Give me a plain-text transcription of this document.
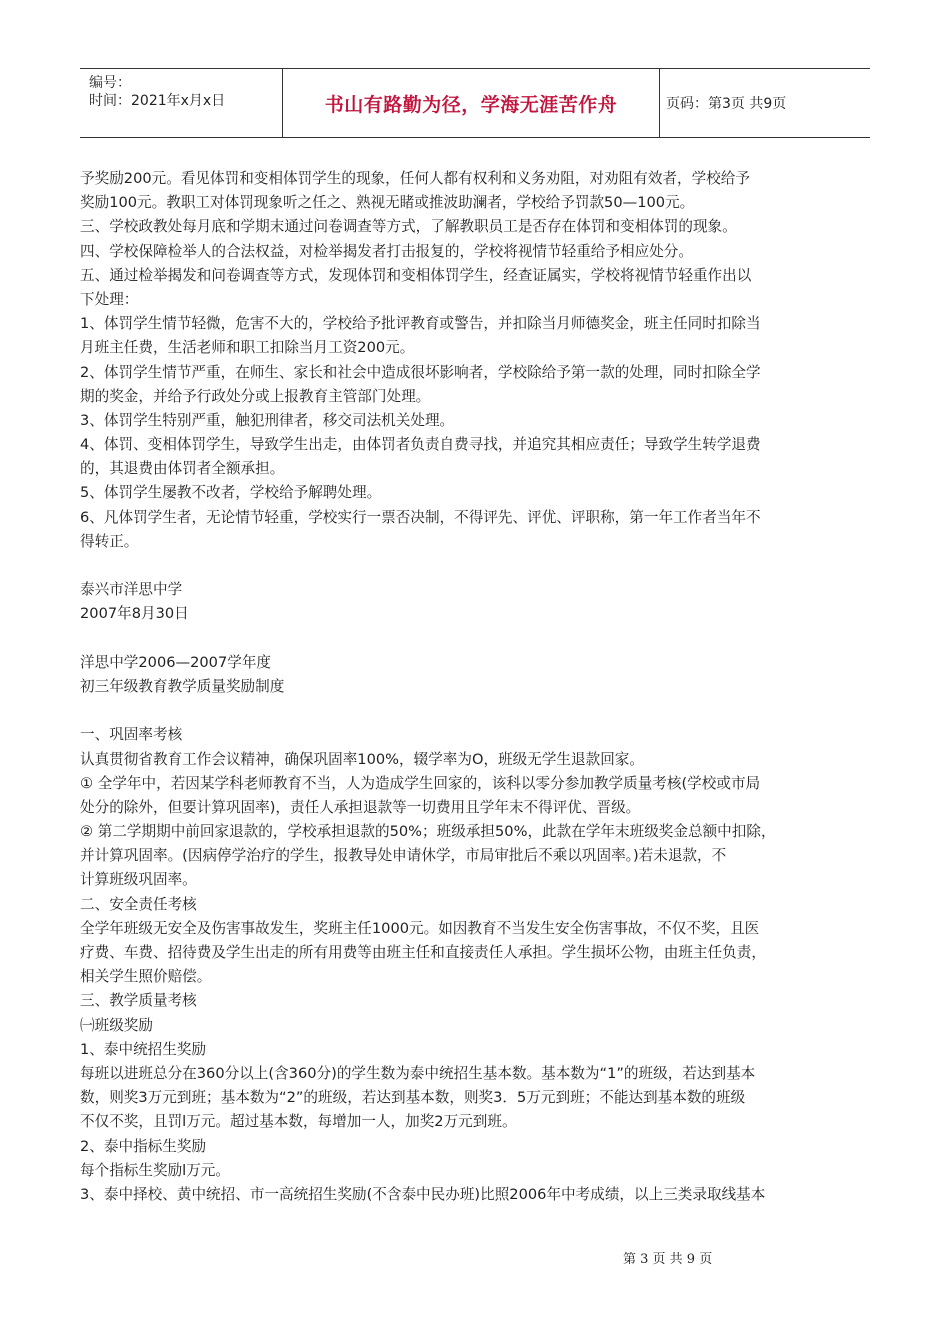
编号：
时间：2021年x月x日	书山有路勤为径，学海无涯苦作舟	页码：第3页 共9页
予奖励200元。看见体罚和变相体罚学生的现象，任何人都有权利和义务劝阻，对劝阻有效者，学校给予
奖励100元。教职工对体罚现象听之任之、熟视无睹或推波助澜者，学校给予罚款50—100元。
三、学校政教处每月底和学期末通过问卷调查等方式，了解教职员工是否存在体罚和变相体罚的现象。
四、学校保障检举人的合法权益，对检举揭发者打击报复的，学校将视情节轻重给予相应处分。
五、通过检举揭发和问卷调查等方式，发现体罚和变相体罚学生，经查证属实，学校将视情节轻重作出以
下处理：
1、体罚学生情节轻微，危害不大的，学校给予批评教育或警告，并扣除当月师德奖金，班主任同时扣除当
月班主任费，生活老师和职工扣除当月工资200元。
2、体罚学生情节严重，在师生、家长和社会中造成很坏影响者，学校除给予第一款的处理，同时扣除全学
期的奖金，并给予行政处分或上报教育主管部门处理。
3、体罚学生特别严重，触犯刑律者，移交司法机关处理。
4、体罚、变相体罚学生，导致学生出走，由体罚者负责自费寻找，并追究其相应责任；导致学生转学退费
的，其退费由体罚者全额承担。
5、体罚学生屡教不改者，学校给予解聘处理。
6、凡体罚学生者，无论情节轻重，学校实行一票否决制，不得评先、评优、评职称，第一年工作者当年不
得转正。
泰兴市洋思中学
2007年8月30日
洋思中学2006—2007学年度
初三年级教育教学质量奖励制度
一、巩固率考核
认真贯彻省教育工作会议精神，确保巩固率100%，辍学率为O，班级无学生退款回家。
① 全学年中，若因某学科老师教育不当，人为造成学生回家的，该科以零分参加教学质量考核(学校或市局
处分的除外，但要计算巩固率)，责任人承担退款等一切费用且学年末不得评优、晋级。
② 第二学期期中前回家退款的，学校承担退款的50%；班级承担50%，此款在学年末班级奖金总额中扣除，
并计算巩固率。(因病停学治疗的学生，报教导处申请休学，市局审批后不乘以巩固率。)若未退款，不
计算班级巩固率。
二、安全责任考核
全学年班级无安全及伤害事故发生，奖班主任1000元。如因教育不当发生安全伤害事故，不仅不奖，且医
疗费、车费、招待费及学生出走的所有用费等由班主任和直接责任人承担。学生损坏公物，由班主任负责，
相关学生照价赔偿。
三、教学质量考核
㈠班级奖励
1、泰中统招生奖励
每班以进班总分在360分以上(含360分)的学生数为泰中统招生基本数。基本数为“1”的班级，若达到基本
数，则奖3万元到班；基本数为“2”的班级，若达到基本数，则奖3．5万元到班；不能达到基本数的班级
不仅不奖，且罚l万元。超过基本数，每增加一人，加奖2万元到班。
2、泰中指标生奖励
每个指标生奖励l万元。
3、泰中择校、黄中统招、市一高统招生奖励(不含泰中民办班)比照2006年中考成绩，以上三类录取线基本
第 3 页 共 9 页
